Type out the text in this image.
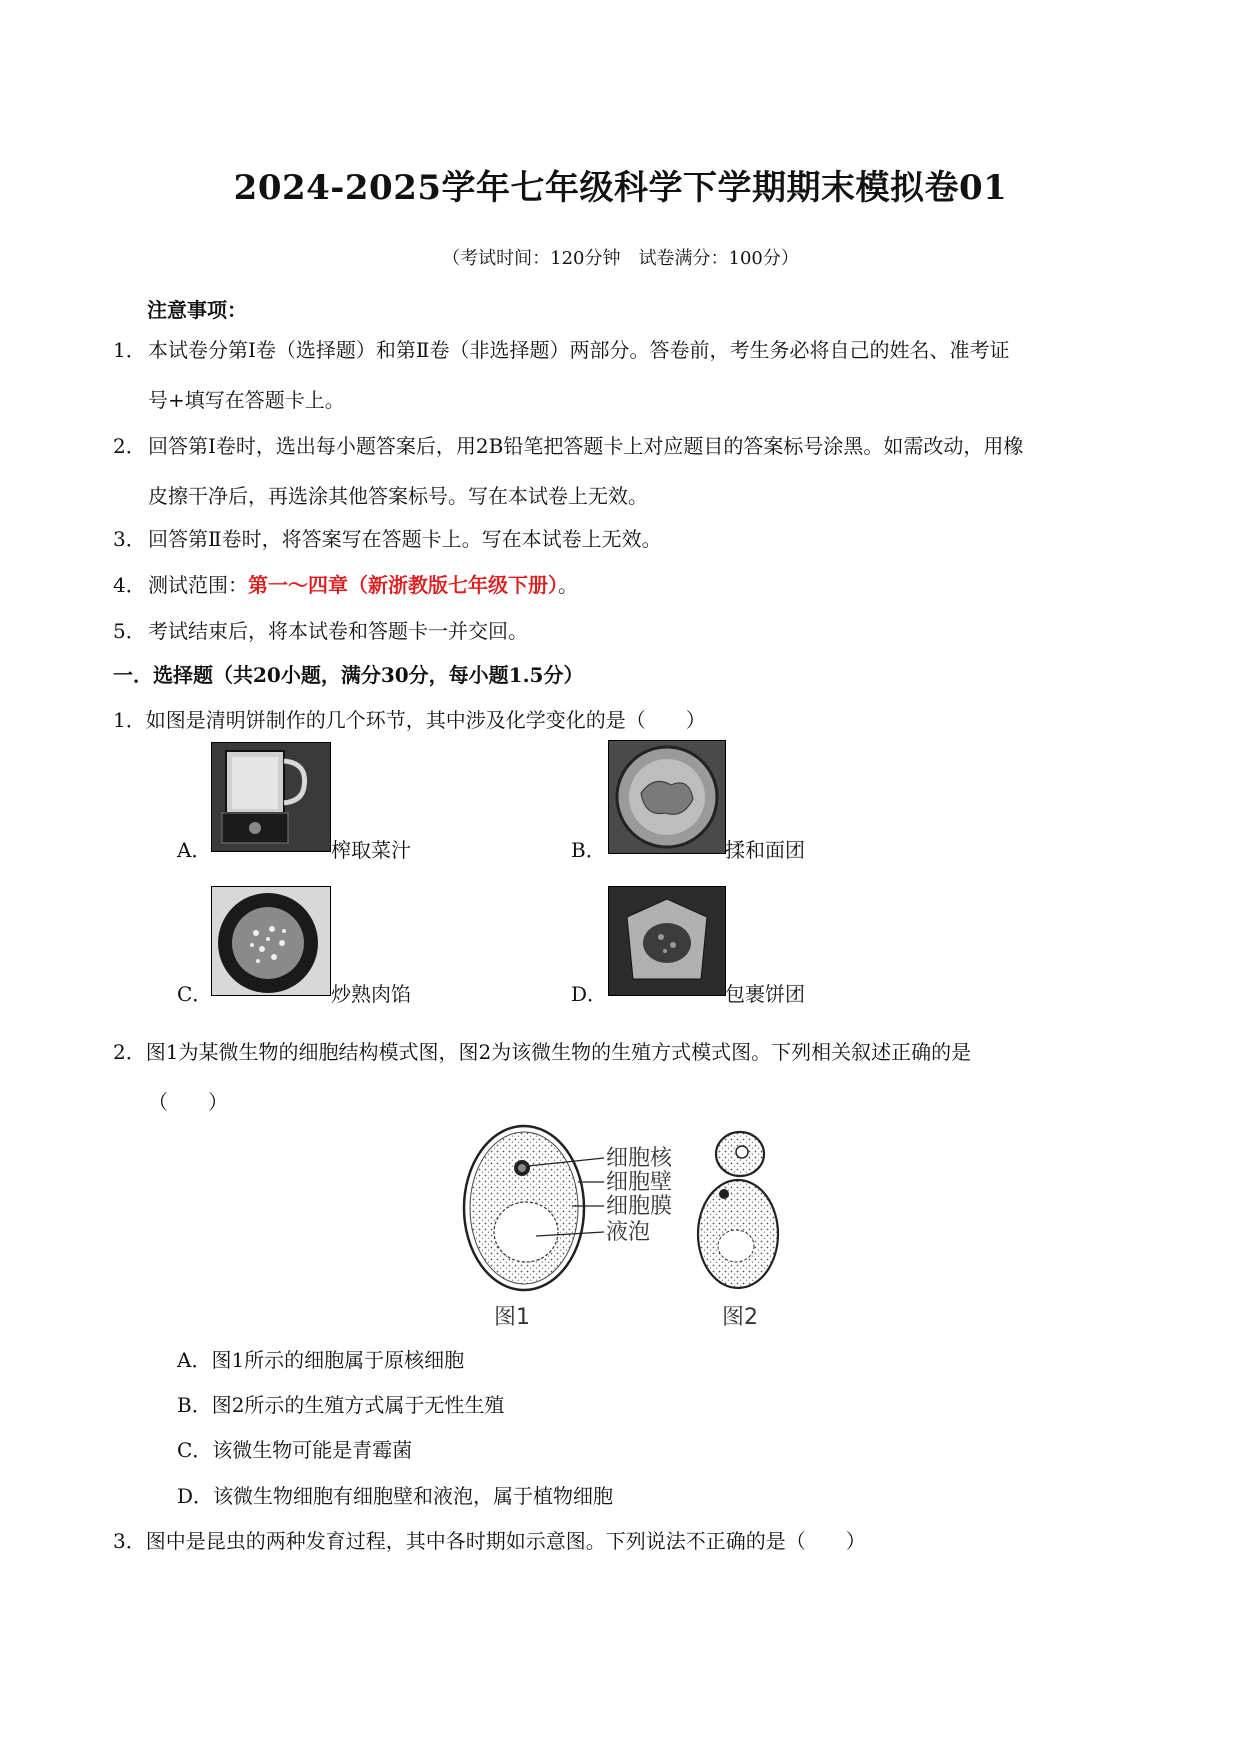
2024-2025学年七年级科学下学期期末模拟卷01
（考试时间：120分钟　试卷满分：100分）
注意事项：
1． 本试卷分第Ⅰ卷（选择题）和第Ⅱ卷（非选择题）两部分。答卷前，考生务必将自己的姓名、准考证
号+填写在答题卡上。
2． 回答第Ⅰ卷时，选出每小题答案后，用2B铅笔把答题卡上对应题目的答案标号涂黑。如需改动，用橡
皮擦干净后，再选涂其他答案标号。写在本试卷上无效。
3． 回答第Ⅱ卷时，将答案写在答题卡上。写在本试卷上无效。
4． 测试范围：第一～四章（新浙教版七年级下册）。
5． 考试结束后，将本试卷和答题卡一并交回。
一．选择题（共20小题，满分30分，每小题1.5分）
1．如图是清明饼制作的几个环节，其中涉及化学变化的是（　　）
A．	榨取菜汁	B．	揉和面团
C．	炒熟肉馅	D．	包裹饼团
2．图1为某微生物的细胞结构模式图，图2为该微生物的生殖方式模式图。下列相关叙述正确的是
（　　）
细胞核
细胞壁
细胞膜
液泡
图1	图2
A．图1所示的细胞属于原核细胞
B．图2所示的生殖方式属于无性生殖
C．该微生物可能是青霉菌
D．该微生物细胞有细胞壁和液泡，属于植物细胞
3．图中是昆虫的两种发育过程，其中各时期如示意图。下列说法不正确的是（　　）
